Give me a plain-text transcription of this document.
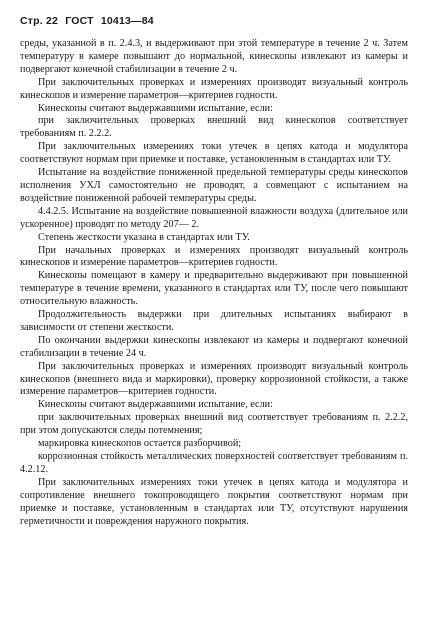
Стр. 22 ГОСТ 10413—84

среды, указанной в п. 2.4.3, и выдерживают при этой температуре в течение 2 ч. Затем температуру в камере повышают до нормальной, кинескопы извлекают из камеры и подвергают конечной стабилизации в течение 2 ч.

При заключительных проверках и измерениях производят визуальный контроль кинескопов и измерение параметров—критериев годности.

Кинескопы считают выдержавшими испытание, если:

при заключительных проверках внешний вид кинескопов соответствует требованиям п. 2.2.2.

При заключительных измерениях токи утечек в цепях катода и модулятора соответствуют нормам при приемке и поставке, установленным в стандартах или ТУ.

Испытание на воздействие пониженной предельной температуры среды кинескопов исполнения УХЛ самостоятельно не проводят, а совмещают с испытанием на воздействие пониженной рабочей температуры среды.

4.4.2.5. Испытание на воздействие повышенной влажности воздуха (длительное или ускоренное) проводят по методу 207— 2.

Степень жесткости указана в стандартах или ТУ.

При начальных проверках и измерениях производят визуальный контроль кинескопов и измерение параметров—критериев годности.

Кинескопы помещают в камеру и предварительно выдерживают при повышенной температуре в течение времени, указанного в стандартах или ТУ, после чего повышают относительную влажность.

Продолжительность выдержки при длительных испытаниях выбирают в зависимости от степени жесткости.

По окончании выдержки кинескопы извлекают из камеры и подвергают конечной стабилизации в течение 24 ч.

При заключительных проверках и измерениях производят визуальный контроль кинескопов (внешнего вида и маркировки), проверку коррозионной стойкости, а также измерение параметров—критериев годности.

Кинескопы считают выдержавшими испытание, если:

при заключительных проверках внешний вид соответствует требованиям п. 2.2.2, при этом допускаются следы потемнения;

маркировка кинескопов остается разборчивой;

коррозионная стойкость металлических поверхностей соответствует требованиям п. 4.2.12.

При заключительных измерениях токи утечек в цепях катода и модулятора и сопротивление внешнего токопроводящего покрытия соответствуют нормам при приемке и поставке, установленным в стандартах или ТУ, отсутствуют нарушения герметичности и повреждения наружного покрытия.
